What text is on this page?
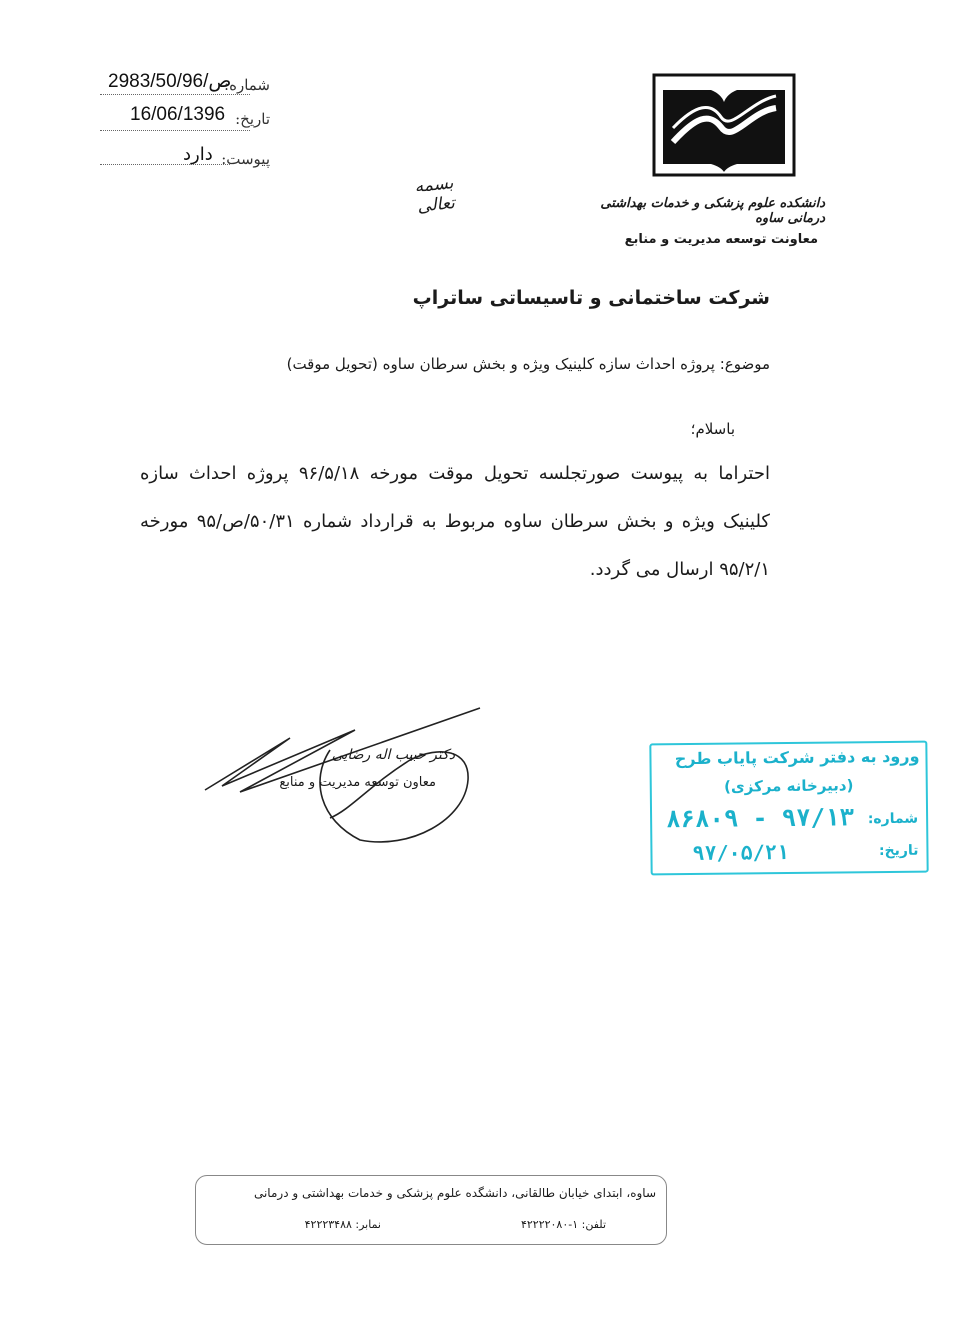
2983/50/ص/96
شماره:
16/06/1396 تاریخ:
دارد پیوست:
بسمه تعالی	دانشکده علوم پزشکی و خدمات بهداشتی درمانی ساوه
معاونت توسعه مدیریت و منابع
شرکت ساختمانی و تاسیساتی ساتراپ
موضوع: پروژه احداث سازه کلینیک ویژه و بخش سرطان ساوه (تحویل موقت)
باسلام؛
احتراما به پیوست صورتجلسه تحویل موقت مورخه ۹۶/۵/۱۸ پروژه احداث سازه کلینیک ویژه و بخش سرطان ساوه مربوط به قرارداد شماره ۵۰/۳۱/ص/۹۵ مورخه ۹۵/۲/۱ ارسال می گردد.
دکتر حبیب اله رضایی
معاون توسعه مدیریت و منابع
ورود به دفتر شرکت پایاب طرح
(دبیرخانه مرکزی)
شماره:
۸۶۸۰۹ - ۹۷/۱۳
تاریخ:
۹۷/۰۵/۲۱
ساوه، ابتدای خیابان طالقانی، دانشگده علوم پزشکی و خدمات بهداشتی و درمانی
تلفن: ۱-۴۲۲۲۲۰۸۰
نمابر: ۴۲۲۲۳۴۸۸
